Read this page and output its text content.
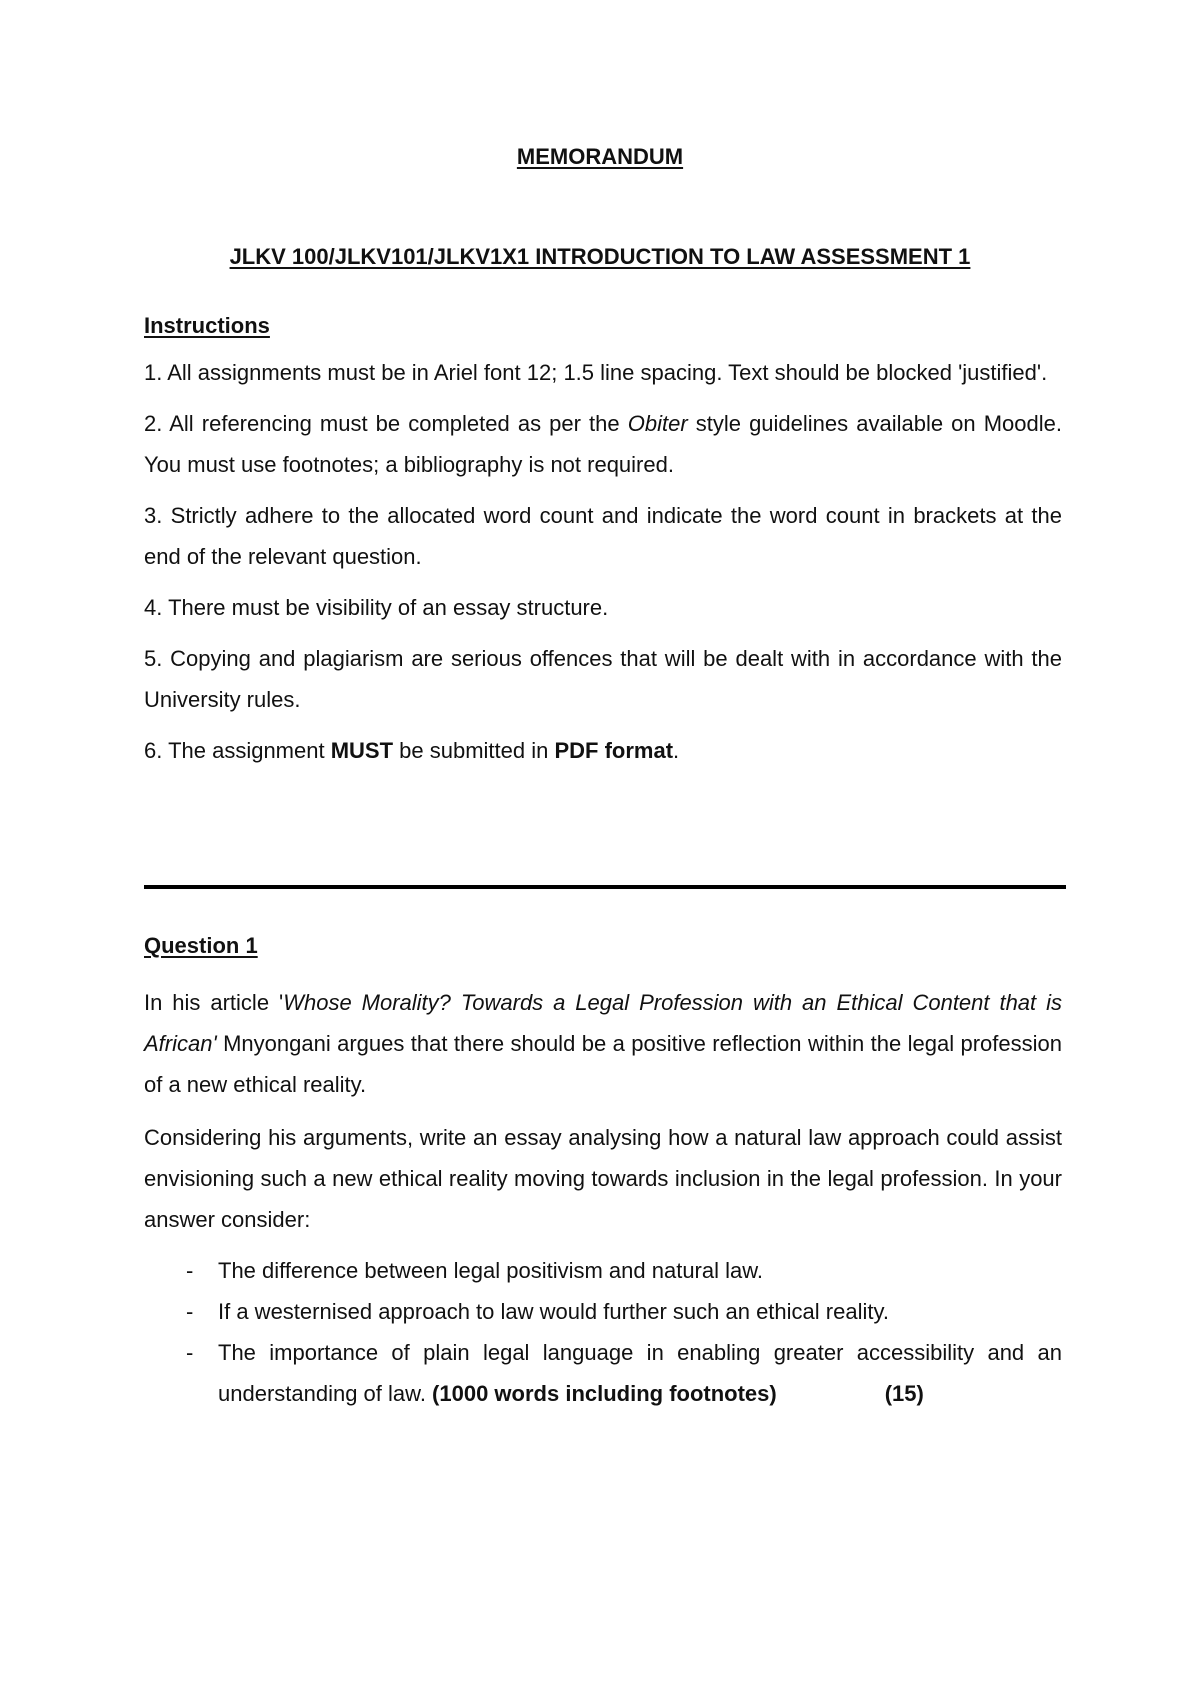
MEMORANDUM
JLKV 100/JLKV101/JLKV1X1 INTRODUCTION TO LAW ASSESSMENT 1
Instructions
1. All assignments must be in Ariel font 12; 1.5 line spacing. Text should be blocked 'justified'.
2. All referencing must be completed as per the Obiter style guidelines available on Moodle. You must use footnotes; a bibliography is not required.
3. Strictly adhere to the allocated word count and indicate the word count in brackets at the end of the relevant question.
4. There must be visibility of an essay structure.
5. Copying and plagiarism are serious offences that will be dealt with in accordance with the University rules.
6. The assignment MUST be submitted in PDF format.
Question 1

In his article 'Whose Morality? Towards a Legal Profession with an Ethical Content that is African' Mnyongani argues that there should be a positive reflection within the legal profession of a new ethical reality.

Considering his arguments, write an essay analysing how a natural law approach could assist envisioning such a new ethical reality moving towards inclusion in the legal profession. In your answer consider:

- The difference between legal positivism and natural law.
- If a westernised approach to law would further such an ethical reality.
- The importance of plain legal language in enabling greater accessibility and an understanding of law. (1000 words including footnotes)	(15)
